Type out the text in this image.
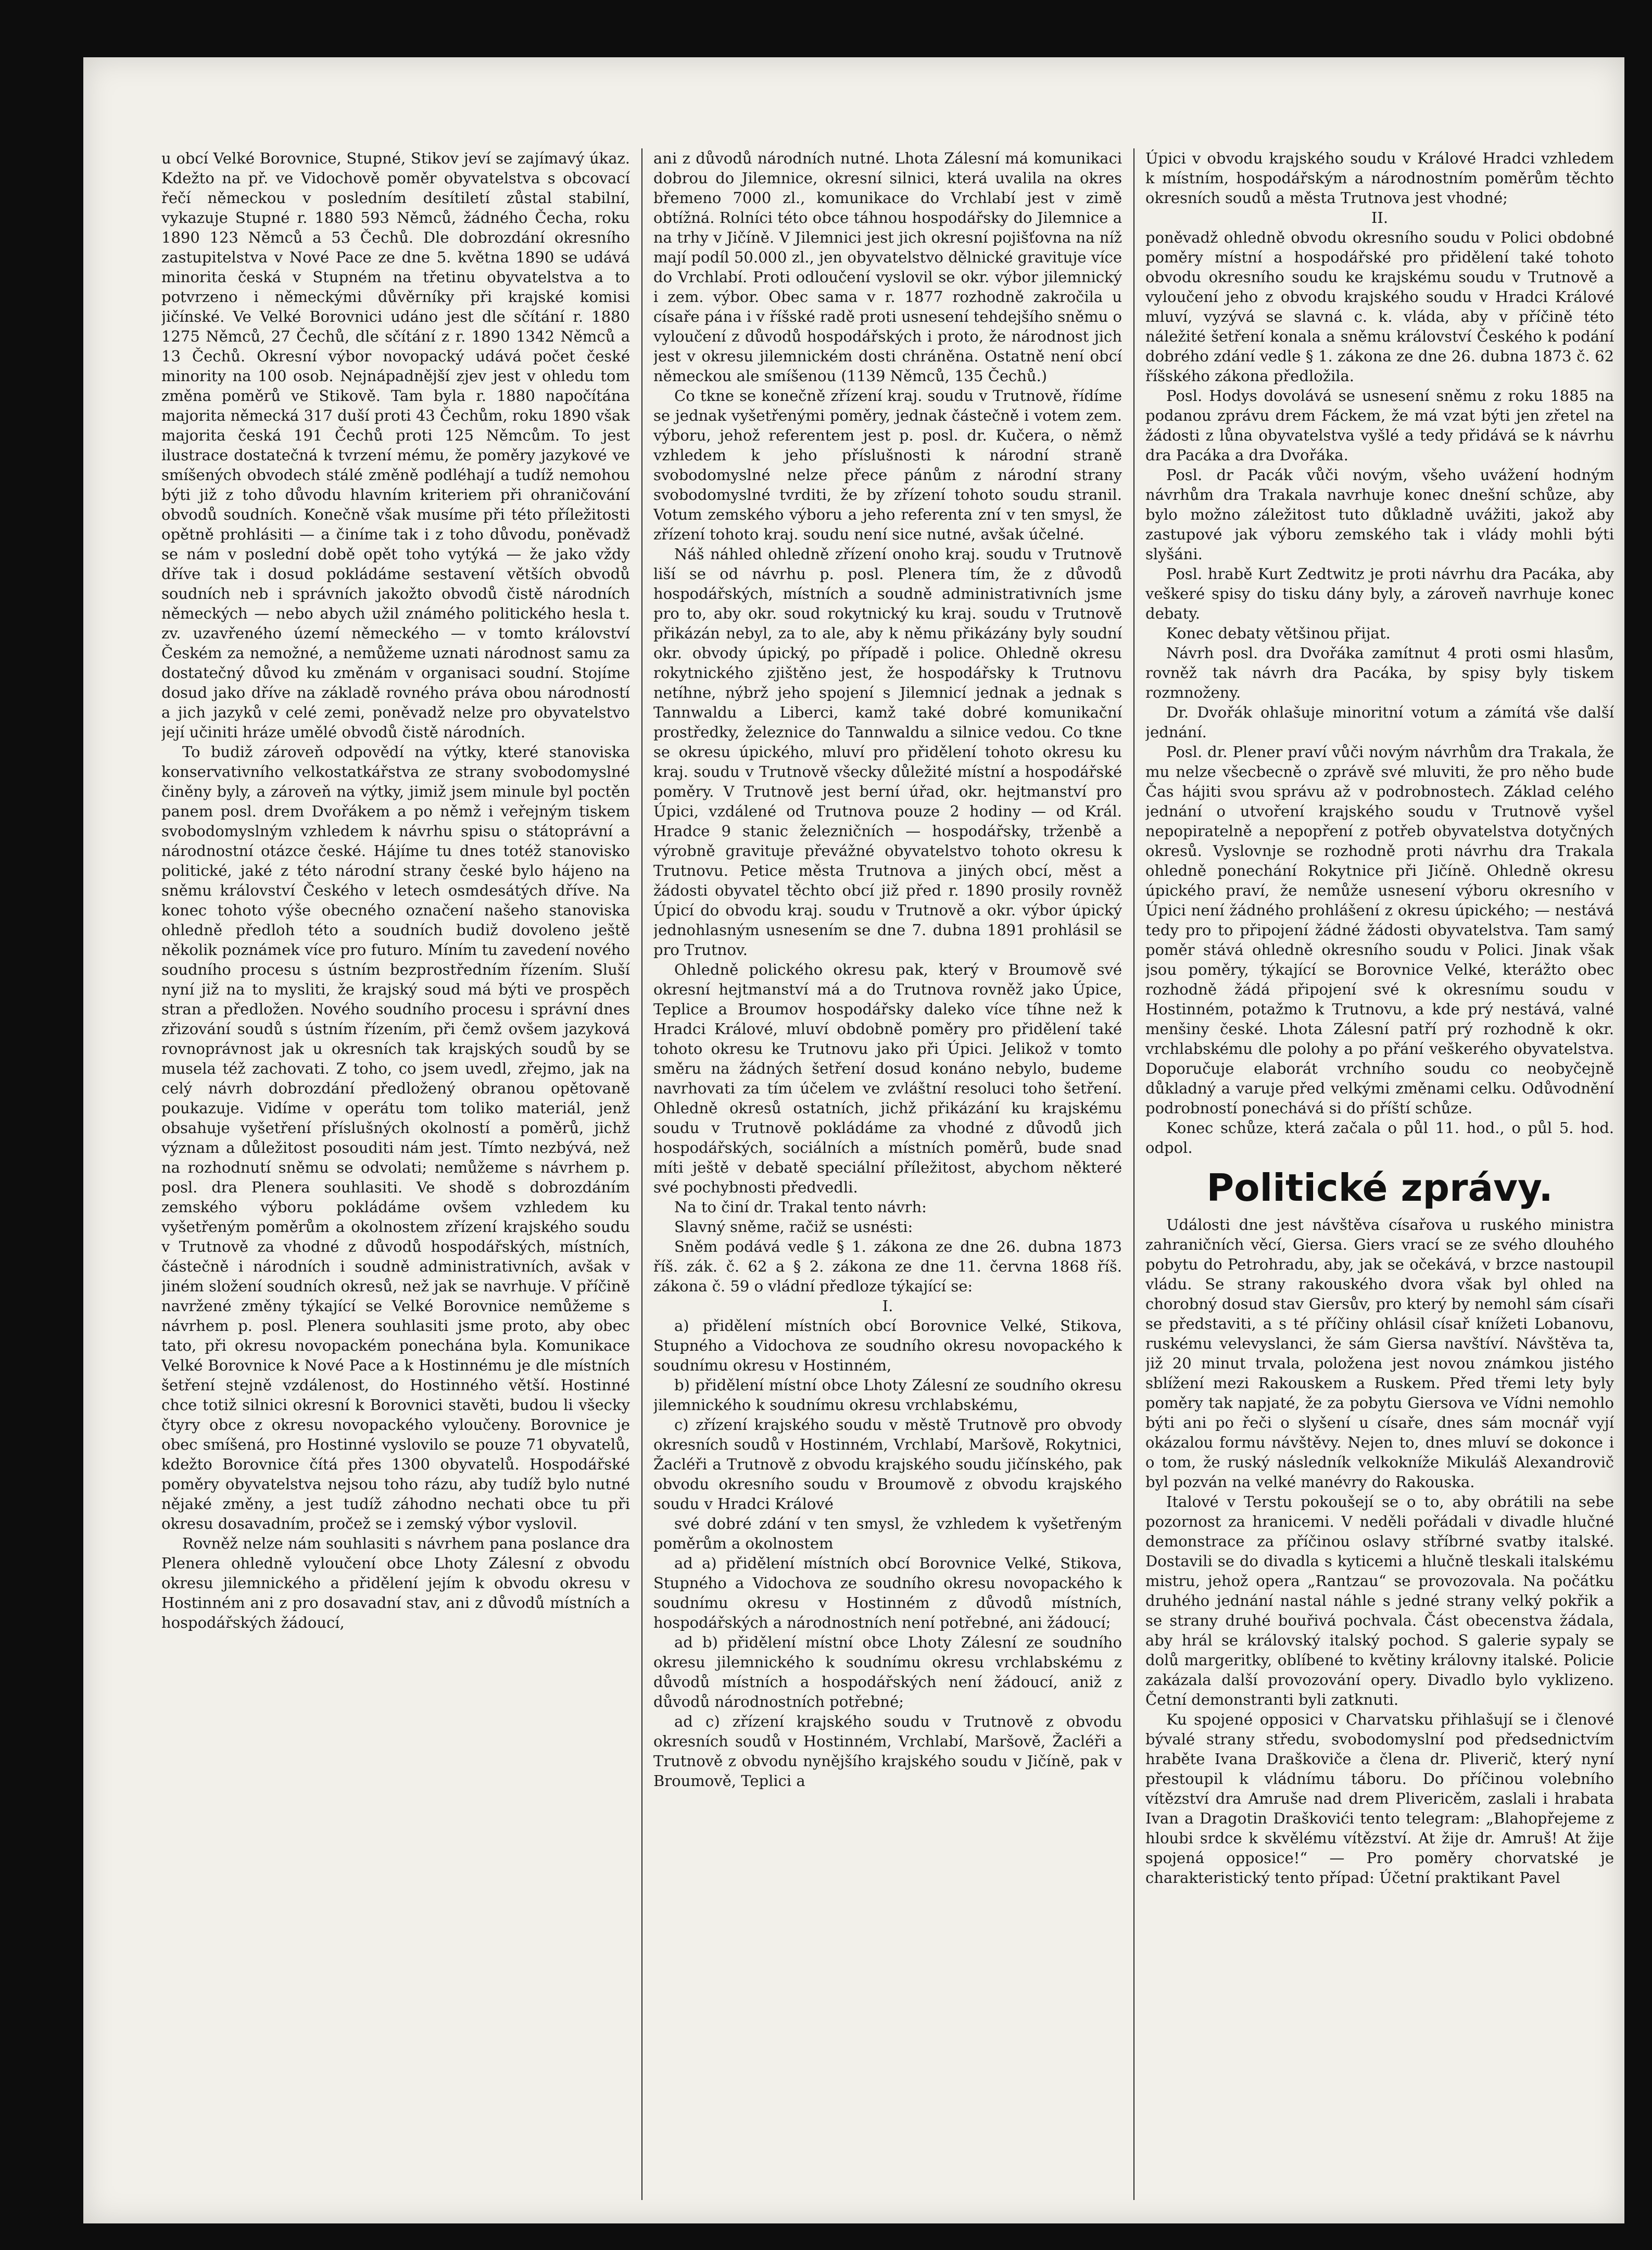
u obcí Velké Borovnice, Stupné, Stikov jeví se zajímavý úkaz. Kdežto na př. ve Vidochově poměr obyvatelstva s obcovací řečí německou v posledním desítiletí zůstal stabilní, vykazuje Stupné r. 1880 593 Němců, žádného Čecha, roku 1890 123 Němců a 53 Čechů. Dle dobrozdání okresního zastupitelstva v Nové Pace ze dne 5. května 1890 se udává minorita česká v Stupném na třetinu obyvatelstva a to potvrzeno i německými důvěrníky při krajské komisi jičínské. Ve Velké Borovnici udáno jest dle sčítání r. 1880 1275 Němců, 27 Čechů, dle sčítání z r. 1890 1342 Němců a 13 Čechů. Okresní výbor novopacký udává počet české minority na 100 osob. Nejnápadnější zjev jest v ohledu tom změna poměrů ve Stikově. Tam byla r. 1880 napočítána majorita německá 317 duší proti 43 Čechům, roku 1890 však majorita česká 191 Čechů proti 125 Němcům. To jest ilustrace dostatečná k tvrzení mému, že poměry jazykové ve smíšených obvodech stálé změně podléhají a tudíž nemohou býti již z toho důvodu hlavním kriteriem při ohraničování obvodů soudních. Konečně však musíme při této příležitosti opětně prohlásiti — a činíme tak i z toho důvodu, poněvadž se nám v poslední době opět toho vytýká — že jako vždy dříve tak i dosud pokládáme sestavení větších obvodů soudních neb i správních jakožto obvodů čistě národních německých — nebo abych užil známého politického hesla t. zv. uzavřeného území německého — v tomto království Českém za nemožné, a nemůžeme uznati národnost samu za dostatečný důvod ku změnám v organisaci soudní. Stojíme dosud jako dříve na základě rovného práva obou národností a jich jazyků v celé zemi, poněvadž nelze pro obyvatelstvo její učiniti hráze umělé obvodů čistě národních.

To budiž zároveň odpovědí na výtky, které stanoviska konservativního velkostatkářstva ze strany svobodomyslné činěny byly, a zároveň na výtky, jimiž jsem minule byl poctěn panem posl. drem Dvořákem a po němž i veřejným tiskem svobodomyslným vzhledem k návrhu spisu o státoprávní a národnostní otázce české. Hájíme tu dnes totéž stanovisko politické, jaké z této národní strany české bylo hájeno na sněmu království Českého v letech osmdesátých dříve. Na konec tohoto výše obecného označení našeho stanoviska ohledně předloh této a soudních budiž dovoleno ještě několik poznámek více pro futuro. Míním tu zavedení nového soudního procesu s ústním bezprostředním řízením. Sluší nyní již na to mysliti, že krajský soud má býti ve prospěch stran a předložen. Nového soudního procesu i správní dnes zřizování soudů s ústním řízením, při čemž ovšem jazyková rovnoprávnost jak u okresních tak krajských soudů by se musela též zachovati. Z toho, co jsem uvedl, zřejmo, jak na celý návrh dobrozdání předložený obranou opětovaně poukazuje. Vidíme v operátu tom toliko materiál, jenž obsahuje vyšetření příslušných okolností a poměrů, jichž význam a důležitost posouditi nám jest. Tímto nezbývá, než na rozhodnutí sněmu se odvolati; nemůžeme s návrhem p. posl. dra Plenera souhlasiti. Ve shodě s dobrozdáním zemského výboru pokládáme ovšem vzhledem ku vyšetřeným poměrům a okolnostem zřízení krajského soudu v Trutnově za vhodné z důvodů hospodářských, místních, částečně i národních i soudně administrativních, avšak v jiném složení soudních okresů, než jak se navrhuje. V příčině navržené změny týkající se Velké Borovnice nemůžeme s návrhem p. posl. Plenera souhlasiti jsme proto, aby obec tato, při okresu novopackém ponechána byla. Komunikace Velké Borovnice k Nové Pace a k Hostinnému je dle místních šetření stejně vzdálenost, do Hostinného větší. Hostinné chce totiž silnici okresní k Borovnici stavěti, budou li všecky čtyry obce z okresu novopackého vyloučeny. Borovnice je obec smíšená, pro Hostinné vyslovilo se pouze 71 obyvatelů, kdežto Borovnice čítá přes 1300 obyvatelů. Hospodářské poměry obyvatelstva nejsou toho rázu, aby tudíž bylo nutné nějaké změny, a jest tudíž záhodno nechati obce tu při okresu dosavadním, pročež se i zemský výbor vyslovil.

Rovněž nelze nám souhlasiti s návrhem pana poslance dra Plenera ohledně vyloučení obce Lhoty Zálesní z obvodu okresu jilemnického a přidělení jejím k obvodu okresu v Hostinném ani z pro dosavadní stav, ani z důvodů místních a hospodářských žádoucí,

ani z důvodů národních nutné. Lhota Zálesní má komunikaci dobrou do Jilemnice, okresní silnici, která uvalila na okres břemeno 7000 zl., komunikace do Vrchlabí jest v zimě obtížná. Rolníci této obce táhnou hospodářsky do Jilemnice a na trhy v Jičíně. V Jilemnici jest jich okresní pojišťovna na níž mají podíl 50.000 zl., jen obyvatelstvo dělnické gravituje více do Vrchlabí. Proti odloučení vyslovil se okr. výbor jilemnický i zem. výbor. Obec sama v r. 1877 rozhodně zakročila u císaře pána i v říšské radě proti usnesení tehdejšího sněmu o vyloučení z důvodů hospodářských i proto, že národnost jich jest v okresu jilemnickém dosti chráněna. Ostatně není obcí německou ale smíšenou (1139 Němců, 135 Čechů.)

Co tkne se konečně zřízení kraj. soudu v Trutnově, řídíme se jednak vyšetřenými poměry, jednak částečně i votem zem. výboru, jehož referentem jest p. posl. dr. Kučera, o němž vzhledem k jeho příslušnosti k národní straně svobodomyslné nelze přece pánům z národní strany svobodomyslné tvrditi, že by zřízení tohoto soudu stranil. Votum zemského výboru a jeho referenta zní v ten smysl, že zřízení tohoto kraj. soudu není sice nutné, avšak účelné.

Náš náhled ohledně zřízení onoho kraj. soudu v Trutnově liší se od návrhu p. posl. Plenera tím, že z důvodů hospodářských, místních a soudně administrativních jsme pro to, aby okr. soud rokytnický ku kraj. soudu v Trutnově přikázán nebyl, za to ale, aby k němu přikázány byly soudní okr. obvody úpický, po případě i police. Ohledně okresu rokytnického zjištěno jest, že hospodářsky k Trutnovu netíhne, nýbrž jeho spojení s Jilemnicí jednak a jednak s Tannwaldu a Liberci, kamž také dobré komunikační prostředky, železnice do Tannwaldu a silnice vedou. Co tkne se okresu úpického, mluví pro přidělení tohoto okresu ku kraj. soudu v Trutnově všecky důležité místní a hospodářské poměry. V Trutnově jest berní úřad, okr. hejtmanství pro Úpici, vzdálené od Trutnova pouze 2 hodiny — od Král. Hradce 9 stanic železničních — hospodářsky, trženbě a výrobně gravituje převážné obyvatelstvo tohoto okresu k Trutnovu. Petice města Trutnova a jiných obcí, měst a žádosti obyvatel těchto obcí již před r. 1890 prosily rovněž Úpicí do obvodu kraj. soudu v Trutnově a okr. výbor úpický jednohlasným usnesením se dne 7. dubna 1891 prohlásil se pro Trutnov.

Ohledně polického okresu pak, který v Broumově své okresní hejtmanství má a do Trutnova rovněž jako Úpice, Teplice a Broumov hospodářsky daleko více tíhne než k Hradci Králové, mluví obdobně poměry pro přidělení také tohoto okresu ke Trutnovu jako při Úpici. Jelikož v tomto směru na žádných šetření dosud konáno nebylo, budeme navrhovati za tím účelem ve zvláštní resoluci toho šetření. Ohledně okresů ostatních, jichž přikázání ku krajskému soudu v Trutnově pokládáme za vhodné z důvodů jich hospodářských, sociálních a místních poměrů, bude snad míti ještě v debatě speciální příležitost, abychom některé své pochybnosti předvedli.

Na to činí dr. Trakal tento návrh:

Slavný sněme, račiž se usnésti:

Sněm podává vedle § 1. zákona ze dne 26. dubna 1873 říš. zák. č. 62 a § 2. zákona ze dne 11. června 1868 říš. zákona č. 59 o vládní předloze týkající se:

I.

a) přidělení místních obcí Borovnice Velké, Stikova, Stupného a Vidochova ze soudního okresu novopackého k soudnímu okresu v Hostinném,

b) přidělení místní obce Lhoty Zálesní ze soudního okresu jilemnického k soudnímu okresu vrchlabskému,

c) zřízení krajského soudu v městě Trutnově pro obvody okresních soudů v Hostinném, Vrchlabí, Maršově, Rokytnici, Žacléři a Trutnově z obvodu krajského soudu jičínského, pak obvodu okresního soudu v Broumově z obvodu krajského soudu v Hradci Králové

své dobré zdání v ten smysl, že vzhledem k vyšetřeným poměrům a okolnostem

ad a) přidělení místních obcí Borovnice Velké, Stikova, Stupného a Vidochova ze soudního okresu novopackého k soudnímu okresu v Hostinném z důvodů místních, hospodářských a národnostních není potřebné, ani žádoucí;

ad b) přidělení místní obce Lhoty Zálesní ze soudního okresu jilemnického k soudnímu okresu vrchlabskému z důvodů místních a hospodářských není žádoucí, aniž z důvodů národnostních potřebné;

ad c) zřízení krajského soudu v Trutnově z obvodu okresních soudů v Hostinném, Vrchlabí, Maršově, Žacléři a Trutnově z obvodu nynějšího krajského soudu v Jičíně, pak v Broumově, Teplici a

Úpici v obvodu krajského soudu v Králové Hradci vzhledem k místním, hospodářským a národnostním poměrům těchto okresních soudů a města Trutnova jest vhodné;

II.

poněvadž ohledně obvodu okresního soudu v Polici obdobné poměry místní a hospodářské pro přidělení také tohoto obvodu okresního soudu ke krajskému soudu v Trutnově a vyloučení jeho z obvodu krajského soudu v Hradci Králové mluví, vyzývá se slavná c. k. vláda, aby v příčině této náležité šetření konala a sněmu království Českého k podání dobrého zdání vedle § 1. zákona ze dne 26. dubna 1873 č. 62 říšského zákona předložila.

Posl. Hodys dovolává se usnesení sněmu z roku 1885 na podanou zprávu drem Fáckem, že má vzat býti jen zřetel na žádosti z lůna obyvatelstva vyšlé a tedy přidává se k návrhu dra Pacáka a dra Dvořáka.

Posl. dr Pacák vůči novým, všeho uvážení hodným návrhům dra Trakala navrhuje konec dnešní schůze, aby bylo možno záležitost tuto důkladně uvážiti, jakož aby zastupové jak výboru zemského tak i vlády mohli býti slyšáni.

Posl. hrabě Kurt Zedtwitz je proti návrhu dra Pacáka, aby veškeré spisy do tisku dány byly, a zároveň navrhuje konec debaty.

Konec debaty většinou přijat.

Návrh posl. dra Dvořáka zamítnut 4 proti osmi hlasům, rovněž tak návrh dra Pacáka, by spisy byly tiskem rozmnoženy.

Dr. Dvořák ohlašuje minoritní votum a zámítá vše další jednání.

Posl. dr. Plener praví vůči novým návrhům dra Trakala, že mu nelze všecbecně o zprávě své mluviti, že pro něho bude Čas hájiti svou správu až v podrobnostech. Základ celého jednání o utvoření krajského soudu v Trutnově vyšel nepopiratelně a nepopření z potřeb obyvatelstva dotyčných okresů. Vyslovnje se rozhodně proti návrhu dra Trakala ohledně ponechání Rokytnice při Jičíně. Ohledně okresu úpického praví, že nemůže usnesení výboru okresního v Úpici není žádného prohlášení z okresu úpického; — nestává tedy pro to připojení žádné žádosti obyvatelstva. Tam samý poměr stává ohledně okresního soudu v Polici. Jinak však jsou poměry, týkající se Borovnice Velké, kterážto obec rozhodně žádá připojení své k okresnímu soudu v Hostinném, potažmo k Trutnovu, a kde prý nestává, valné menšiny české. Lhota Zálesní patří prý rozhodně k okr. vrchlabskému dle polohy a po přání veškerého obyvatelstva. Doporučuje elaborát vrchního soudu co neobyčejně důkladný a varuje před velkými změnami celku. Odůvodnění podrobností ponechává si do příští schůze.

Konec schůze, která začala o půl 11. hod., o půl 5. hod. odpol.

Politické zprávy.

Události dne jest návštěva císařova u ruského ministra zahraničních věcí, Giersa. Giers vrací se ze svého dlouhého pobytu do Petrohradu, aby, jak se očekává, v brzce nastoupil vládu. Se strany rakouského dvora však byl ohled na chorobný dosud stav Giersův, pro který by nemohl sám císaři se představiti, a s té příčiny ohlásil císař knížeti Lobanovu, ruskému velevyslanci, že sám Giersa navštíví. Návštěva ta, již 20 minut trvala, položena jest novou známkou jistého sblížení mezi Rakouskem a Ruskem. Před třemi lety byly poměry tak napjaté, že za pobytu Giersova ve Vídni nemohlo býti ani po řeči o slyšení u císaře, dnes sám mocnář vyjí okázalou formu návštěvy. Nejen to, dnes mluví se dokonce i o tom, že ruský následník velkokníže Mikuláš Alexandrovič byl pozván na velké manévry do Rakouska.

Italové v Terstu pokoušejí se o to, aby obrátili na sebe pozornost za hranicemi. V neděli pořádali v divadle hlučné demonstrace za příčinou oslavy stříbrné svatby italské. Dostavili se do divadla s kyticemi a hlučně tleskali italskému mistru, jehož opera „Rantzau“ se provozovala. Na počátku druhého jednání nastal náhle s jedné strany velký pokřik a se strany druhé bouřivá pochvala. Část obecenstva žádala, aby hrál se královský italský pochod. S galerie sypaly se dolů margeritky, oblíbené to květiny královny italské. Policie zakázala další provozování opery. Divadlo bylo vyklizeno. Četní demonstranti byli zatknuti.

Ku spojené opposici v Charvatsku přihlašují se i členové bývalé strany středu, svobodomyslní pod předsednictvím hraběte Ivana Draškoviče a člena dr. Pliverič, který nyní přestoupil k vládnímu táboru. Do příčinou volebního vítězství dra Amruše nad drem Plivericěm, zaslali i hrabata Ivan a Dragotin Draškovići tento telegram: „Blahopřejeme z hloubi srdce k skvělému vítězství. At žije dr. Amruš! At žije spojená opposice!“ — Pro poměry chorvatské je charakteristický tento případ: Účetní praktikant Pavel
